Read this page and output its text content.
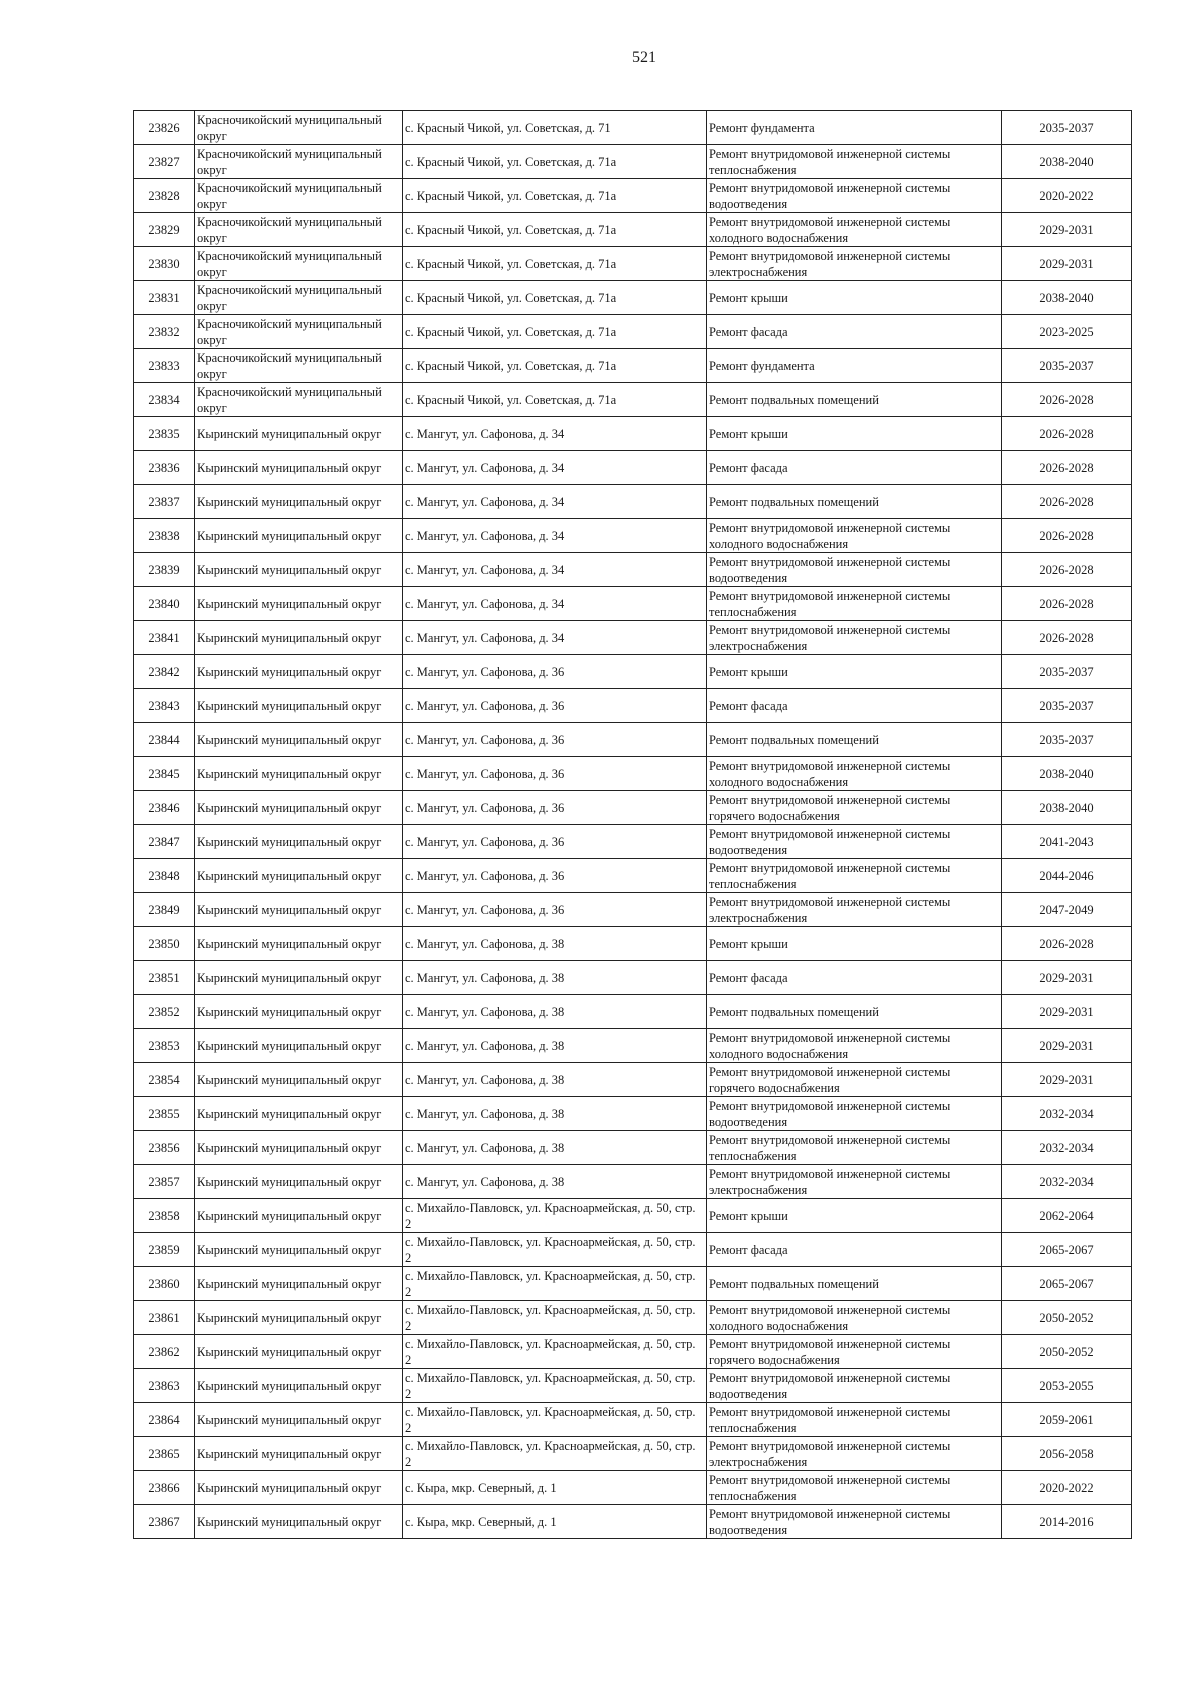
521
23826	Красночикойский муниципальный округ	с. Красный Чикой, ул. Советская, д. 71	Ремонт фундамента	2035-2037
23827	Красночикойский муниципальный округ	с. Красный Чикой, ул. Советская, д. 71а	Ремонт внутридомовой инженерной системы теплоснабжения	2038-2040
23828	Красночикойский муниципальный округ	с. Красный Чикой, ул. Советская, д. 71а	Ремонт внутридомовой инженерной системы водоотведения	2020-2022
23829	Красночикойский муниципальный округ	с. Красный Чикой, ул. Советская, д. 71а	Ремонт внутридомовой инженерной системы холодного водоснабжения	2029-2031
23830	Красночикойский муниципальный округ	с. Красный Чикой, ул. Советская, д. 71а	Ремонт внутридомовой инженерной системы электроснабжения	2029-2031
23831	Красночикойский муниципальный округ	с. Красный Чикой, ул. Советская, д. 71а	Ремонт крыши	2038-2040
23832	Красночикойский муниципальный округ	с. Красный Чикой, ул. Советская, д. 71а	Ремонт фасада	2023-2025
23833	Красночикойский муниципальный округ	с. Красный Чикой, ул. Советская, д. 71а	Ремонт фундамента	2035-2037
23834	Красночикойский муниципальный округ	с. Красный Чикой, ул. Советская, д. 71а	Ремонт подвальных помещений	2026-2028
23835	Кыринский муниципальный округ	с. Мангут, ул. Сафонова, д. 34	Ремонт крыши	2026-2028
23836	Кыринский муниципальный округ	с. Мангут, ул. Сафонова, д. 34	Ремонт фасада	2026-2028
23837	Кыринский муниципальный округ	с. Мангут, ул. Сафонова, д. 34	Ремонт подвальных помещений	2026-2028
23838	Кыринский муниципальный округ	с. Мангут, ул. Сафонова, д. 34	Ремонт внутридомовой инженерной системы холодного водоснабжения	2026-2028
23839	Кыринский муниципальный округ	с. Мангут, ул. Сафонова, д. 34	Ремонт внутридомовой инженерной системы водоотведения	2026-2028
23840	Кыринский муниципальный округ	с. Мангут, ул. Сафонова, д. 34	Ремонт внутридомовой инженерной системы теплоснабжения	2026-2028
23841	Кыринский муниципальный округ	с. Мангут, ул. Сафонова, д. 34	Ремонт внутридомовой инженерной системы электроснабжения	2026-2028
23842	Кыринский муниципальный округ	с. Мангут, ул. Сафонова, д. 36	Ремонт крыши	2035-2037
23843	Кыринский муниципальный округ	с. Мангут, ул. Сафонова, д. 36	Ремонт фасада	2035-2037
23844	Кыринский муниципальный округ	с. Мангут, ул. Сафонова, д. 36	Ремонт подвальных помещений	2035-2037
23845	Кыринский муниципальный округ	с. Мангут, ул. Сафонова, д. 36	Ремонт внутридомовой инженерной системы холодного водоснабжения	2038-2040
23846	Кыринский муниципальный округ	с. Мангут, ул. Сафонова, д. 36	Ремонт внутридомовой инженерной системы горячего водоснабжения	2038-2040
23847	Кыринский муниципальный округ	с. Мангут, ул. Сафонова, д. 36	Ремонт внутридомовой инженерной системы водоотведения	2041-2043
23848	Кыринский муниципальный округ	с. Мангут, ул. Сафонова, д. 36	Ремонт внутридомовой инженерной системы теплоснабжения	2044-2046
23849	Кыринский муниципальный округ	с. Мангут, ул. Сафонова, д. 36	Ремонт внутридомовой инженерной системы электроснабжения	2047-2049
23850	Кыринский муниципальный округ	с. Мангут, ул. Сафонова, д. 38	Ремонт крыши	2026-2028
23851	Кыринский муниципальный округ	с. Мангут, ул. Сафонова, д. 38	Ремонт фасада	2029-2031
23852	Кыринский муниципальный округ	с. Мангут, ул. Сафонова, д. 38	Ремонт подвальных помещений	2029-2031
23853	Кыринский муниципальный округ	с. Мангут, ул. Сафонова, д. 38	Ремонт внутридомовой инженерной системы холодного водоснабжения	2029-2031
23854	Кыринский муниципальный округ	с. Мангут, ул. Сафонова, д. 38	Ремонт внутридомовой инженерной системы горячего водоснабжения	2029-2031
23855	Кыринский муниципальный округ	с. Мангут, ул. Сафонова, д. 38	Ремонт внутридомовой инженерной системы водоотведения	2032-2034
23856	Кыринский муниципальный округ	с. Мангут, ул. Сафонова, д. 38	Ремонт внутридомовой инженерной системы теплоснабжения	2032-2034
23857	Кыринский муниципальный округ	с. Мангут, ул. Сафонова, д. 38	Ремонт внутридомовой инженерной системы электроснабжения	2032-2034
23858	Кыринский муниципальный округ	с. Михайло-Павловск, ул. Красноармейская, д. 50, стр. 2	Ремонт крыши	2062-2064
23859	Кыринский муниципальный округ	с. Михайло-Павловск, ул. Красноармейская, д. 50, стр. 2	Ремонт фасада	2065-2067
23860	Кыринский муниципальный округ	с. Михайло-Павловск, ул. Красноармейская, д. 50, стр. 2	Ремонт подвальных помещений	2065-2067
23861	Кыринский муниципальный округ	с. Михайло-Павловск, ул. Красноармейская, д. 50, стр. 2	Ремонт внутридомовой инженерной системы холодного водоснабжения	2050-2052
23862	Кыринский муниципальный округ	с. Михайло-Павловск, ул. Красноармейская, д. 50, стр. 2	Ремонт внутридомовой инженерной системы горячего водоснабжения	2050-2052
23863	Кыринский муниципальный округ	с. Михайло-Павловск, ул. Красноармейская, д. 50, стр. 2	Ремонт внутридомовой инженерной системы водоотведения	2053-2055
23864	Кыринский муниципальный округ	с. Михайло-Павловск, ул. Красноармейская, д. 50, стр. 2	Ремонт внутридомовой инженерной системы теплоснабжения	2059-2061
23865	Кыринский муниципальный округ	с. Михайло-Павловск, ул. Красноармейская, д. 50, стр. 2	Ремонт внутридомовой инженерной системы электроснабжения	2056-2058
23866	Кыринский муниципальный округ	с. Кыра, мкр. Северный, д. 1	Ремонт внутридомовой инженерной системы теплоснабжения	2020-2022
23867	Кыринский муниципальный округ	с. Кыра, мкр. Северный, д. 1	Ремонт внутридомовой инженерной системы водоотведения	2014-2016
